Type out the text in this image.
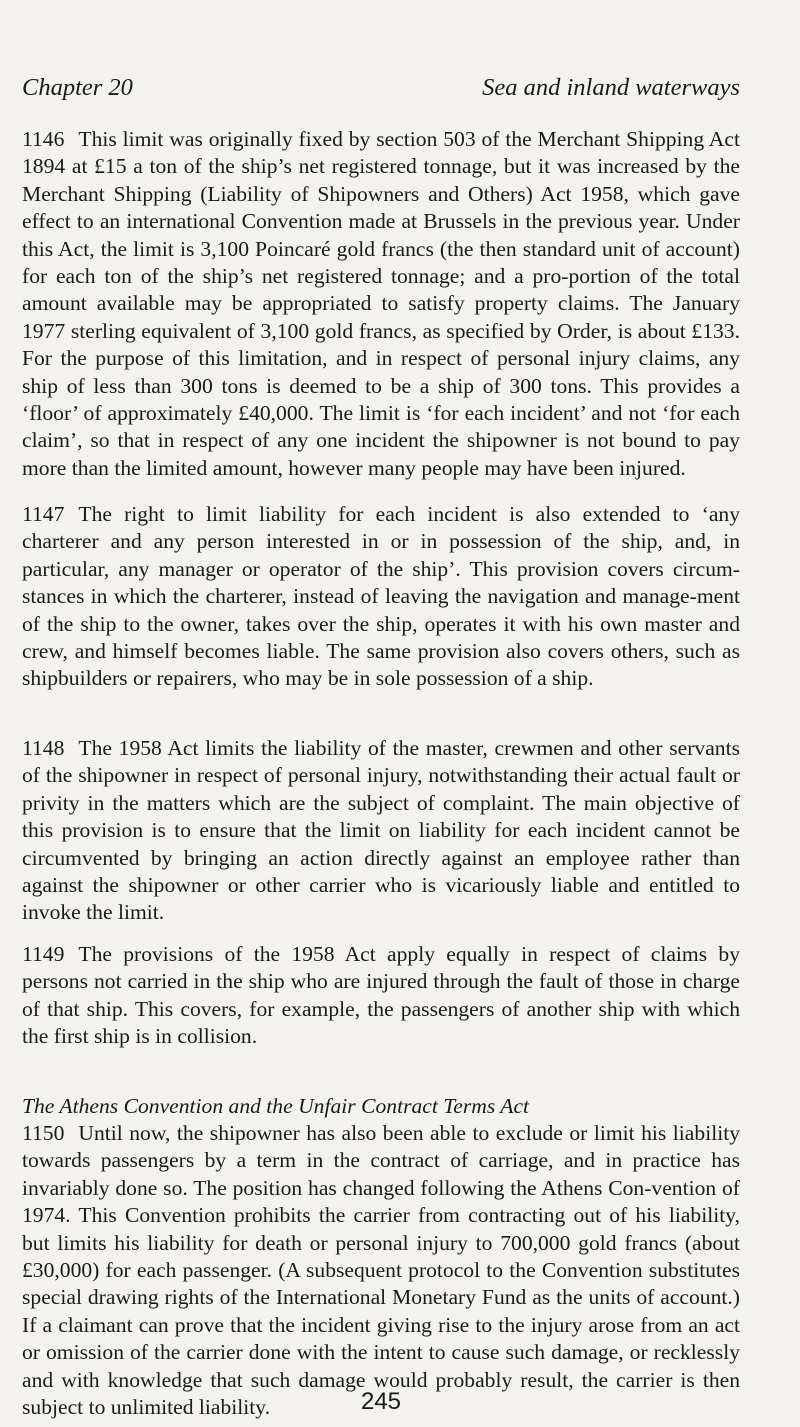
Chapter 20	Sea and inland waterways

1146 This limit was originally fixed by section 503 of the Merchant Shipping Act 1894 at £15 a ton of the ship’s net registered tonnage, but it was increased by the Merchant Shipping (Liability of Shipowners and Others) Act 1958, which gave effect to an international Convention made at Brussels in the previous year. Under this Act, the limit is 3,100 Poincaré gold francs (the then standard unit of account) for each ton of the ship’s net registered tonnage; and a pro-portion of the total amount available may be appropriated to satisfy property claims. The January 1977 sterling equivalent of 3,100 gold francs, as specified by Order, is about £133. For the purpose of this limitation, and in respect of personal injury claims, any ship of less than 300 tons is deemed to be a ship of 300 tons. This provides a ‘floor’ of approximately £40,000. The limit is ‘for each incident’ and not ‘for each claim’, so that in respect of any one incident the shipowner is not bound to pay more than the limited amount, however many people may have been injured.

1147 The right to limit liability for each incident is also extended to ‘any charterer and any person interested in or in possession of the ship, and, in particular, any manager or operator of the ship’. This provision covers circum-stances in which the charterer, instead of leaving the navigation and manage-ment of the ship to the owner, takes over the ship, operates it with his own master and crew, and himself becomes liable. The same provision also covers others, such as shipbuilders or repairers, who may be in sole possession of a ship.

1148 The 1958 Act limits the liability of the master, crewmen and other servants of the shipowner in respect of personal injury, notwithstanding their actual fault or privity in the matters which are the subject of complaint. The main objective of this provision is to ensure that the limit on liability for each incident cannot be circumvented by bringing an action directly against an employee rather than against the shipowner or other carrier who is vicariously liable and entitled to invoke the limit.

1149 The provisions of the 1958 Act apply equally in respect of claims by persons not carried in the ship who are injured through the fault of those in charge of that ship. This covers, for example, the passengers of another ship with which the first ship is in collision.

The Athens Convention and the Unfair Contract Terms Act

1150 Until now, the shipowner has also been able to exclude or limit his liability towards passengers by a term in the contract of carriage, and in practice has invariably done so. The position has changed following the Athens Con-vention of 1974. This Convention prohibits the carrier from contracting out of his liability, but limits his liability for death or personal injury to 700,000 gold francs (about £30,000) for each passenger. (A subsequent protocol to the Convention substitutes special drawing rights of the International Monetary Fund as the units of account.) If a claimant can prove that the incident giving rise to the injury arose from an act or omission of the carrier done with the intent to cause such damage, or recklessly and with knowledge that such damage would probably result, the carrier is then subject to unlimited liability.	245
